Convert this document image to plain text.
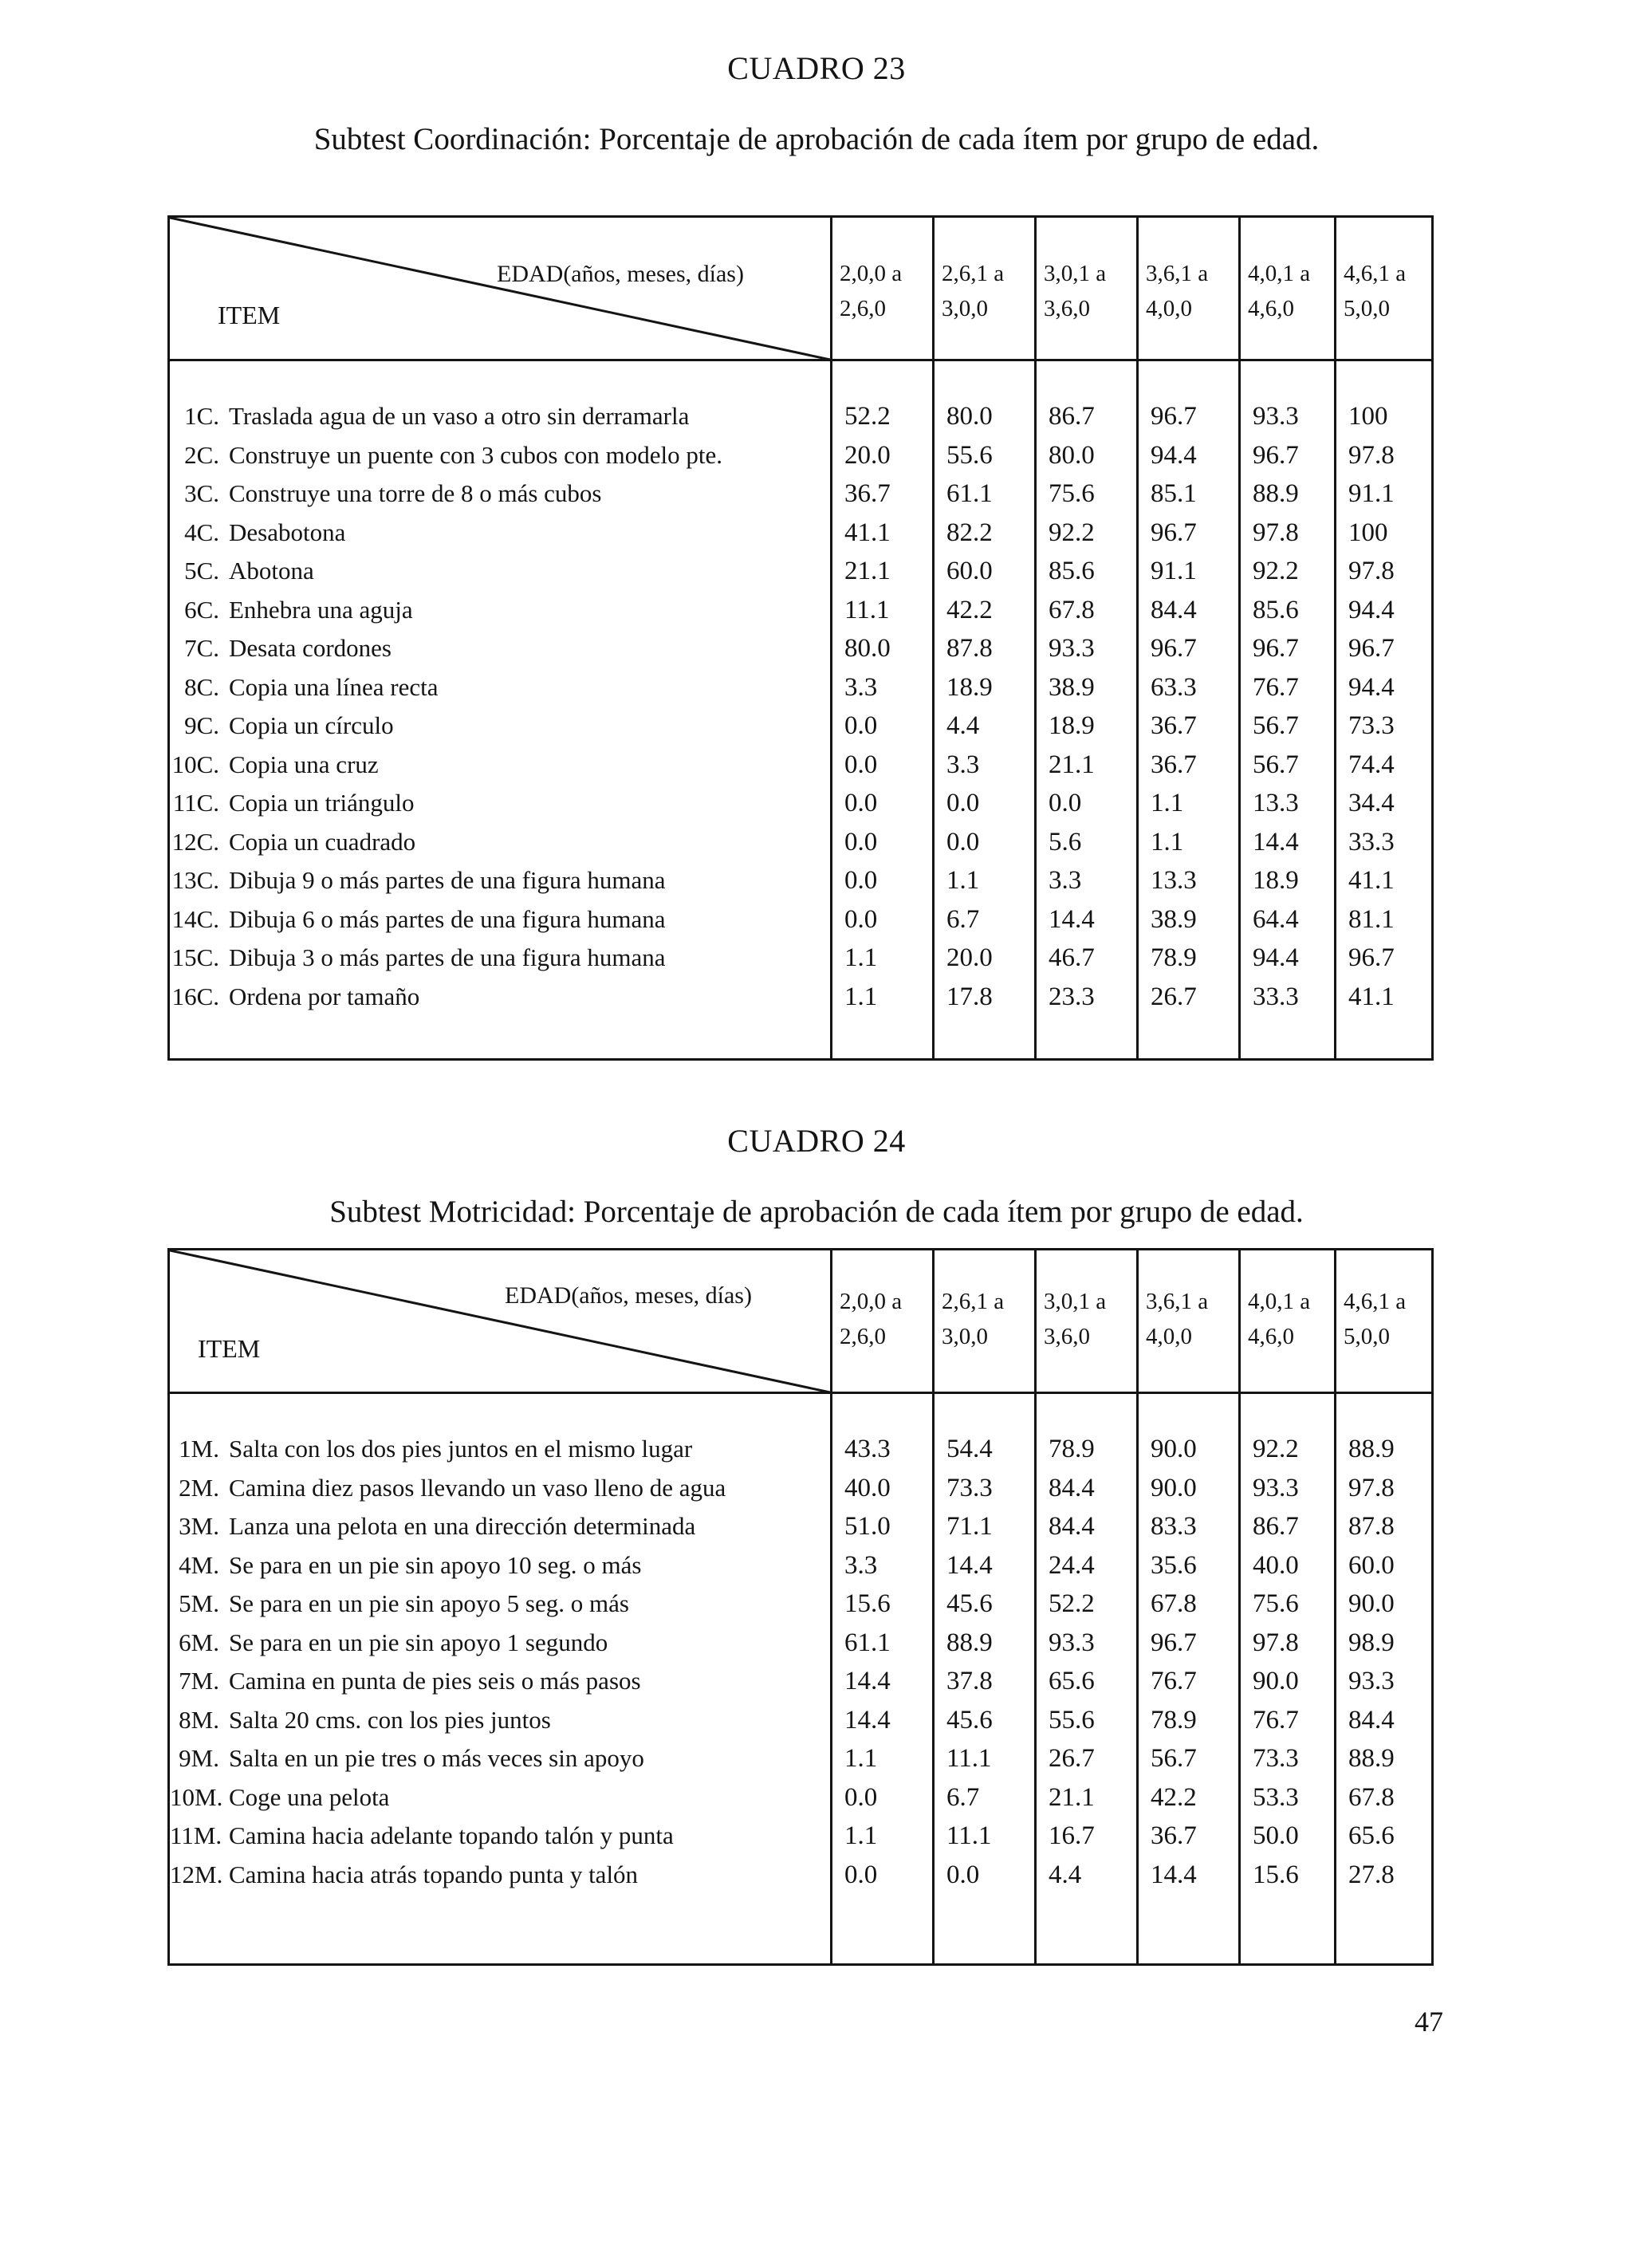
CUADRO 23
Subtest Coordinación: Porcentaje de aprobación de cada ítem por grupo de edad.
EDAD(años, meses, días)
ITEM
2,0,0 a
2,6,0
2,6,1 a
3,0,0
3,0,1 a
3,6,0
3,6,1 a
4,0,0
4,0,1 a
4,6,0
4,6,1 a
5,0,0
1C. Traslada agua de un vaso a otro sin derramarla	52.2 80.0 86.7 96.7 93.3 100
2C. Construye un puente con 3 cubos con modelo pte.	20.0 55.6 80.0 94.4 96.7 97.8
3C. Construye una torre de 8 o más cubos	36.7 61.1 75.6 85.1 88.9 91.1
4C. Desabotona	41.1 82.2 92.2 96.7 97.8 100
5C. Abotona	21.1 60.0 85.6 91.1 92.2 97.8
6C. Enhebra una aguja	11.1 42.2 67.8 84.4 85.6 94.4
7C. Desata cordones	80.0 87.8 93.3 96.7 96.7 96.7
8C. Copia una línea recta	3.3	18.9 38.9 63.3 76.7 94.4
9C. Copia un círculo	0.0	4.4	18.9 36.7 56.7 73.3
10C. Copia una cruz	0.0	3.3	21.1 36.7 56.7 74.4
11C. Copia un triángulo	0.0	0.0	0.0	1.1	13.3 34.4
12C. Copia un cuadrado	0.0	0.0	5.6	1.1	14.4 33.3
13C. Dibuja 9 o más partes de una figura humana	0.0	1.1	3.3	13.3 18.9 41.1
14C. Dibuja 6 o más partes de una figura humana	0.0	6.7	14.4 38.9 64.4 81.1
15C. Dibuja 3 o más partes de una figura humana	1.1	20.0 46.7 78.9 94.4 96.7
16C. Ordena por tamaño	1.1	17.8 23.3 26.7 33.3 41.1
CUADRO 24
Subtest Motricidad: Porcentaje de aprobación de cada ítem por grupo de edad.
EDAD(años, meses, días)
ITEM
2,0,0 a
2,6,0
2,6,1 a
3,0,0
3,0,1 a
3,6,0
3,6,1 a
4,0,0
4,0,1 a
4,6,0
4,6,1 a
5,0,0
1M. Salta con los dos pies juntos en el mismo lugar	43.3 54.4 78.9 90.0 92.2 88.9
2M. Camina diez pasos llevando un vaso lleno de agua	40.0 73.3 84.4 90.0 93.3 97.8
3M. Lanza una pelota en una dirección determinada	51.0 71.1 84.4 83.3 86.7 87.8
4M. Se para en un pie sin apoyo 10 seg. o más	3.3	14.4 24.4 35.6 40.0 60.0
5M. Se para en un pie sin apoyo 5 seg. o más	15.6 45.6 52.2 67.8 75.6 90.0
6M. Se para en un pie sin apoyo 1 segundo	61.1 88.9 93.3 96.7 97.8 98.9
7M. Camina en punta de pies seis o más pasos	14.4 37.8 65.6 76.7 90.0 93.3
8M. Salta 20 cms. con los pies juntos	14.4 45.6 55.6 78.9 76.7 84.4
9M. Salta en un pie tres o más veces sin apoyo	1.1	11.1 26.7 56.7 73.3 88.9
10M. Coge una pelota	0.0	6.7	21.1 42.2 53.3 67.8
11M. Camina hacia adelante topando talón y punta	1.1	11.1 16.7 36.7 50.0 65.6
12M. Camina hacia atrás topando punta y talón	0.0	0.0	4.4	14.4 15.6 27.8
47
